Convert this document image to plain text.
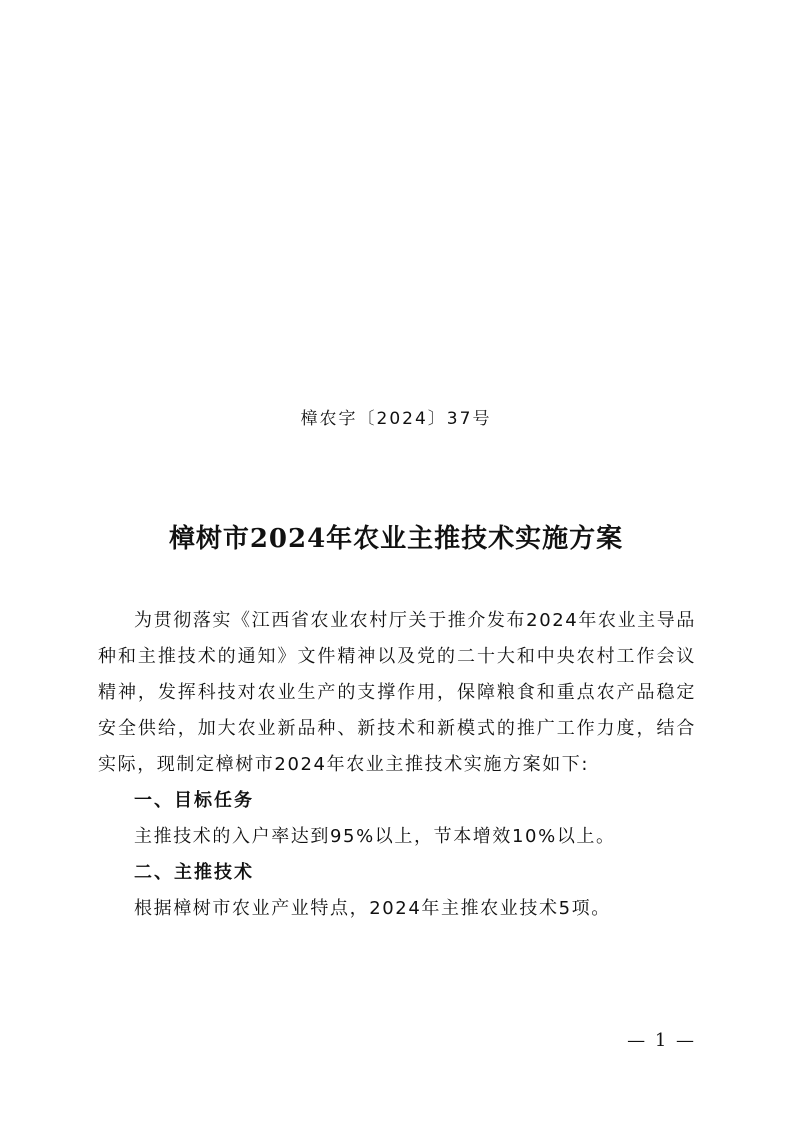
樟农字〔2024〕37号
樟树市2024年农业主推技术实施方案

为贯彻落实《江西省农业农村厅关于推介发布2024年农业主导品种和主推技术的通知》文件精神以及党的二十大和中央农村工作会议精神，发挥科技对农业生产的支撑作用，保障粮食和重点农产品稳定安全供给，加大农业新品种、新技术和新模式的推广工作力度，结合实际，现制定樟树市2024年农业主推技术实施方案如下:

一、目标任务

主推技术的入户率达到95%以上，节本增效10%以上。

二、主推技术

根据樟树市农业产业特点，2024年主推农业技术5项。

— 1 —
